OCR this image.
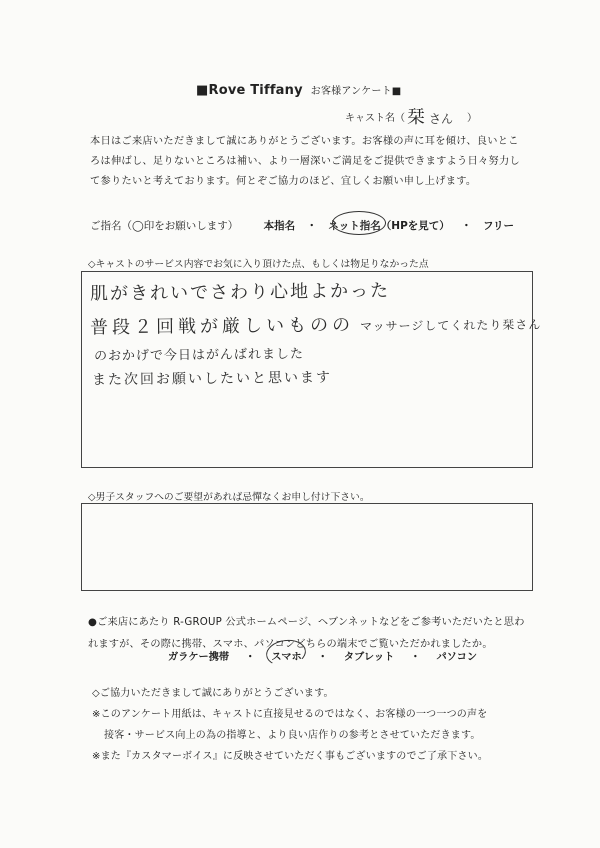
■Rove Tiffany お客様アンケート■
キャスト名（ 栞 さん ）
本日はご来店いただきまして誠にありがとうございます。お客様の声に耳を傾け、良いところは伸ばし、足りないところは補い、より一層深いご満足をご提供できますよう日々努力して参りたいと考えております。何とぞご協力のほど、宜しくお願い申し上げます。
ご指名（◯印をお願いします） 本指名 ・ ネット指名（HPを見て） ・ フリー
◇キャストのサービス内容でお気に入り頂けた点、もしくは物足りなかった点
肌がきれいでさわり心地よかった
普段２回戦が厳しいものの マッサージしてくれたり栞さん
のおかげで今日はがんばれました
また次回お願いしたいと思います
◇男子スタッフへのご要望があれば忌憚なくお申し付け下さい。
●ご来店にあたり R-GROUP 公式ホームページ、ヘブンネットなどをご参考いただいたと思われますが、その際に携帯、スマホ、パソコンどちらの端末でご覧いただかれましたか。
ガラケー携帯 ・ スマホ ・ タブレット ・ パソコン
◇ご協力いただきまして誠にありがとうございます。
※このアンケート用紙は、キャストに直接見せるのではなく、お客様の一つ一つの声を
接客・サービス向上の為の指導と、より良い店作りの参考とさせていただきます。
※また『カスタマーボイス』に反映させていただく事もございますのでご了承下さい。
